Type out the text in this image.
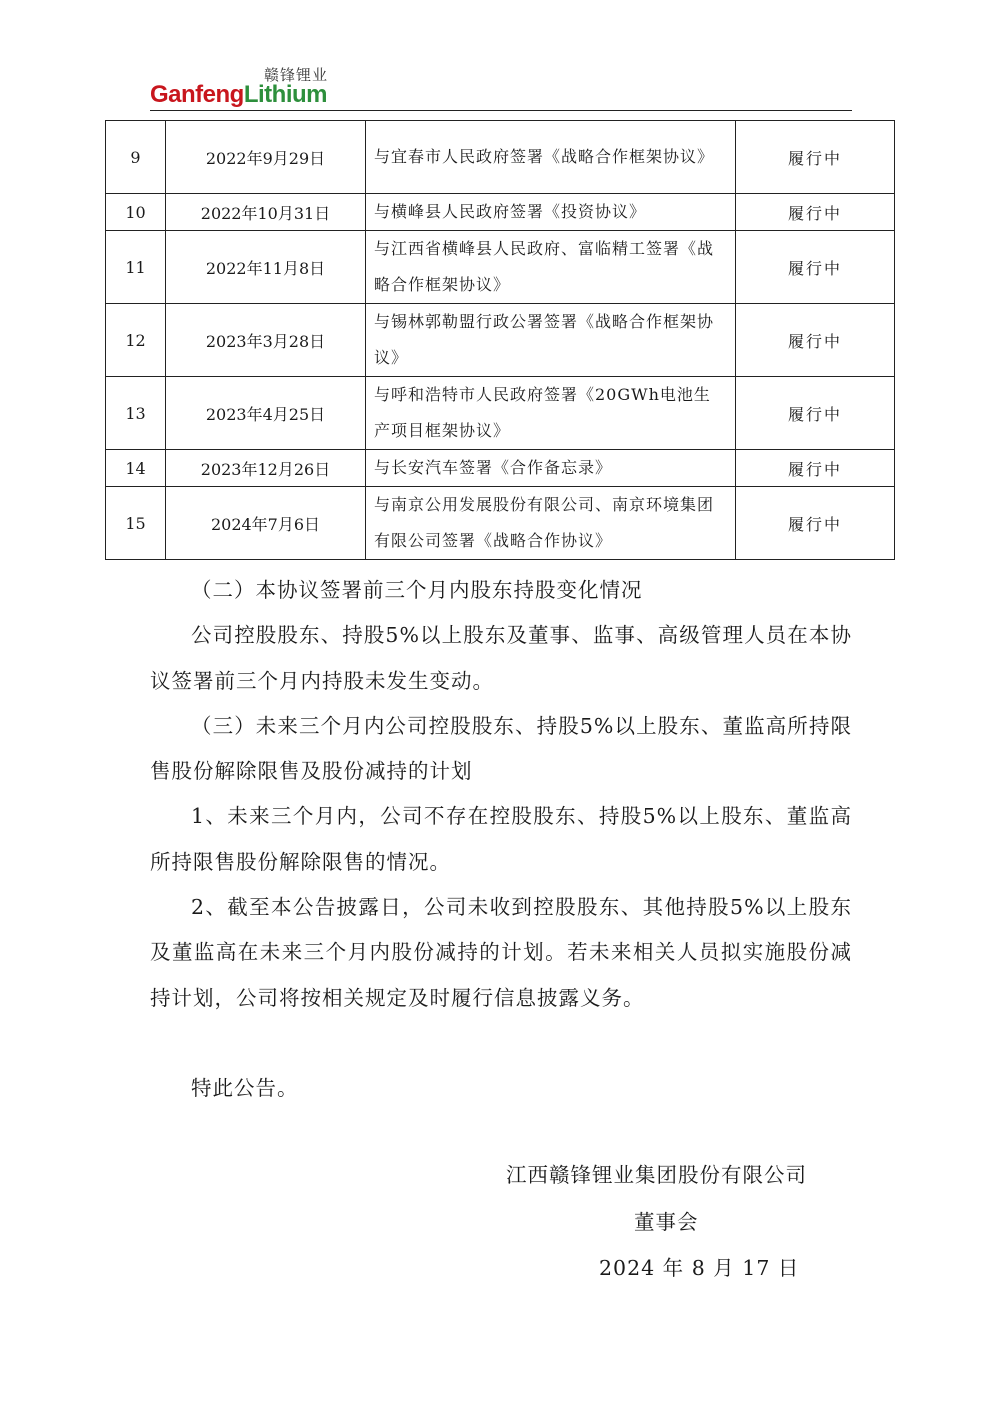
赣锋锂业
GanfengLithium
9	2022年9月29日	与宜春市人民政府签署《战略合作框架协议》	履行中
10	2022年10月31日	与横峰县人民政府签署《投资协议》	履行中
11	2022年11月8日	与江西省横峰县人民政府、富临精工签署《战略合作框架协议》	履行中
12	2023年3月28日	与锡林郭勒盟行政公署签署《战略合作框架协议》	履行中
13	2023年4月25日	与呼和浩特市人民政府签署《20GWh电池生产项目框架协议》	履行中
14	2023年12月26日	与长安汽车签署《合作备忘录》	履行中
15	2024年7月6日	与南京公用发展股份有限公司、南京环境集团有限公司签署《战略合作协议》	履行中

（二）本协议签署前三个月内股东持股变化情况

公司控股股东、持股5%以上股东及董事、监事、高级管理人员在本协议签署前三个月内持股未发生变动。

（三）未来三个月内公司控股股东、持股5%以上股东、董监高所持限售股份解除限售及股份减持的计划

1、未来三个月内，公司不存在控股股东、持股5%以上股东、董监高所持限售股份解除限售的情况。

2、截至本公告披露日，公司未收到控股股东、其他持股5%以上股东及董监高在未来三个月内股份减持的计划。若未来相关人员拟实施股份减持计划，公司将按相关规定及时履行信息披露义务。

特此公告。

江西赣锋锂业集团股份有限公司
董事会
2024 年 8 月 17 日
